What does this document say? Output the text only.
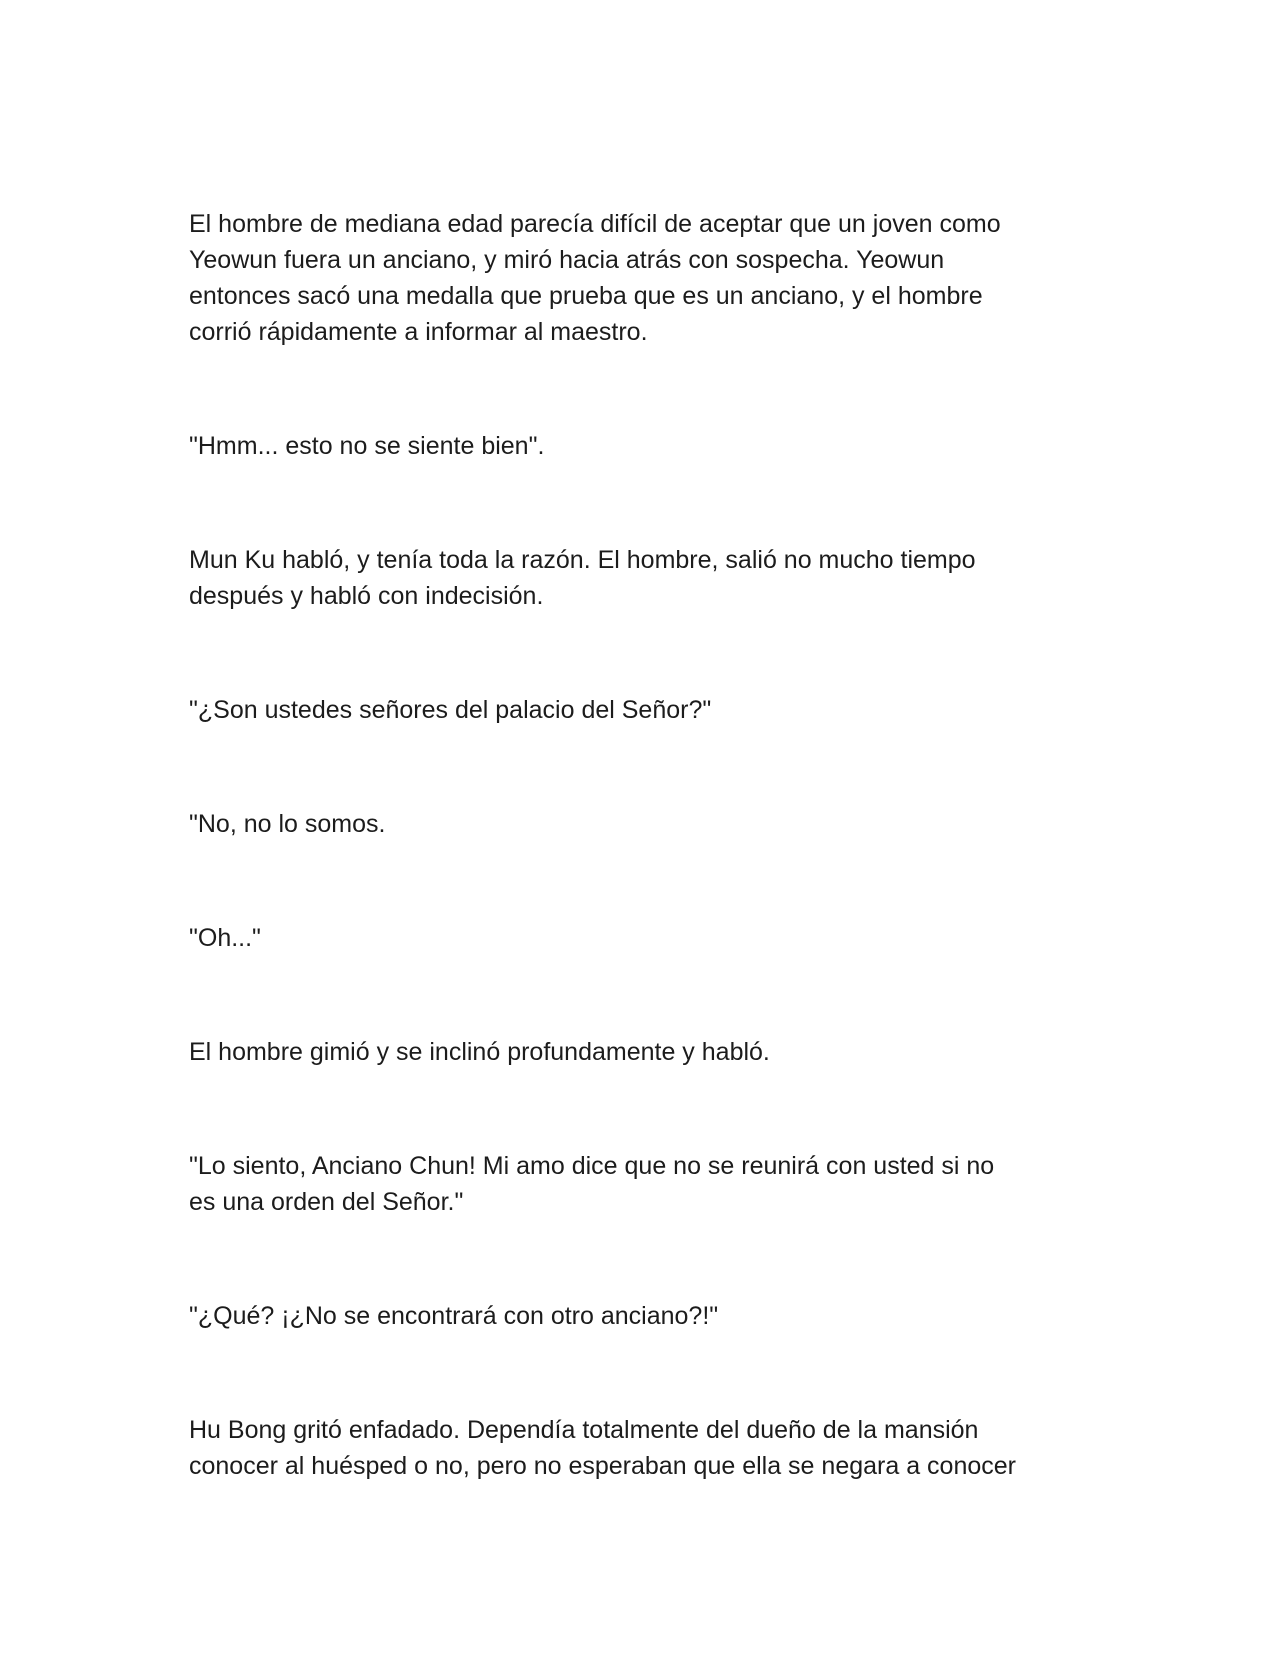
El hombre de mediana edad parecía difícil de aceptar que un joven como
Yeowun fuera un anciano, y miró hacia atrás con sospecha. Yeowun
entonces sacó una medalla que prueba que es un anciano, y el hombre
corrió rápidamente a informar al maestro.

"Hmm... esto no se siente bien".

Mun Ku habló, y tenía toda la razón. El hombre, salió no mucho tiempo
después y habló con indecisión.

"¿Son ustedes señores del palacio del Señor?"

"No, no lo somos.

"Oh..."

El hombre gimió y se inclinó profundamente y habló.

"Lo siento, Anciano Chun! Mi amo dice que no se reunirá con usted si no
es una orden del Señor."

"¿Qué? ¡¿No se encontrará con otro anciano?!"

Hu Bong gritó enfadado. Dependía totalmente del dueño de la mansión
conocer al huésped o no, pero no esperaban que ella se negara a conocer
